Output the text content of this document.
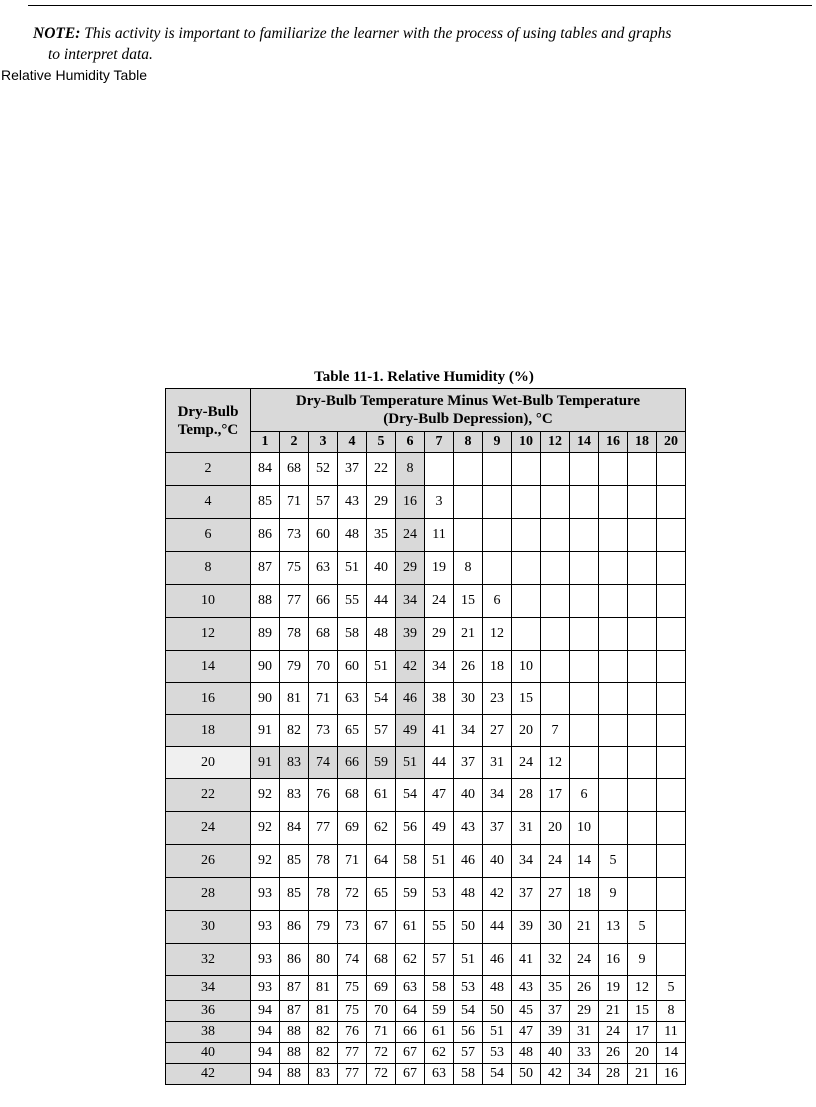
NOTE: This activity is important to familiarize the learner with the process of using tables and graphs
to interpret data.
Relative Humidity Table
Table 11-1. Relative Humidity (%)
Dry-Bulb
Temp.,°C	Dry-Bulb Temperature Minus Wet-Bulb Temperature
(Dry-Bulb Depression), °C														
	1	2	3	4	5	6	7	8	9	10	12	14	16	18	20
2	84	68	52	37	22	8									
4	85	71	57	43	29	16	3								
6	86	73	60	48	35	24	11								
8	87	75	63	51	40	29	19	8							
10	88	77	66	55	44	34	24	15	6						
12	89	78	68	58	48	39	29	21	12						
14	90	79	70	60	51	42	34	26	18	10					
16	90	81	71	63	54	46	38	30	23	15					
18	91	82	73	65	57	49	41	34	27	20	7				
20	91	83	74	66	59	51	44	37	31	24	12				
22	92	83	76	68	61	54	47	40	34	28	17	6			
24	92	84	77	69	62	56	49	43	37	31	20	10			
26	92	85	78	71	64	58	51	46	40	34	24	14	5		
28	93	85	78	72	65	59	53	48	42	37	27	18	9		
30	93	86	79	73	67	61	55	50	44	39	30	21	13	5	
32	93	86	80	74	68	62	57	51	46	41	32	24	16	9	
34	93	87	81	75	69	63	58	53	48	43	35	26	19	12	5
36	94	87	81	75	70	64	59	54	50	45	37	29	21	15	8
38	94	88	82	76	71	66	61	56	51	47	39	31	24	17	11
40	94	88	82	77	72	67	62	57	53	48	40	33	26	20	14
42	94	88	83	77	72	67	63	58	54	50	42	34	28	21	16
